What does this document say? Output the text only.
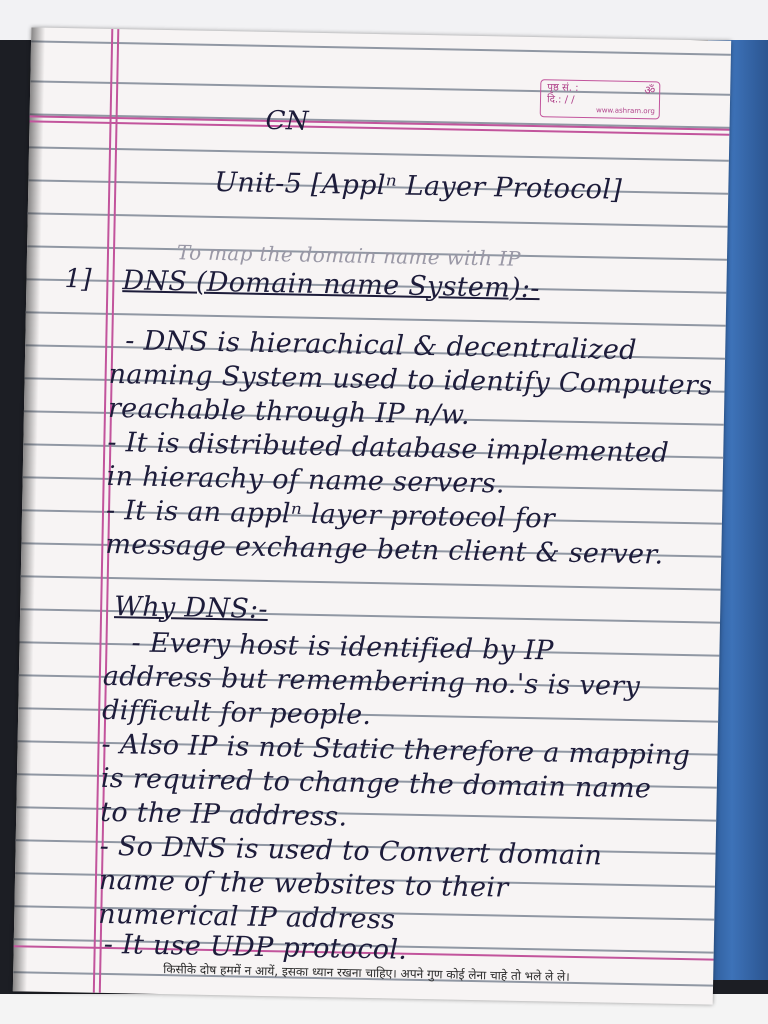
पृष्ठ सं. :
दि.: / /
ॐ
www.ashram.org
CN
Unit-5 [Applⁿ Layer Protocol]
To map the domain name with IP
1] DNS (Domain name System):-
- DNS is hierachical & decentralized
naming System used to identify Computers
reachable through IP n/w.
- It is distributed database implemented
in hierachy of name servers.
- It is an applⁿ layer protocol for
message exchange betn client & server.
Why DNS:-
- Every host is identified by IP
address but remembering no.'s is very
difficult for people.
- Also IP is not Static therefore a mapping
is required to change the domain name
to the IP address.
- So DNS is used to Convert domain
name of the websites to their
numerical IP address
- It use UDP protocol.
किसीके दोष हममें न आयें, इसका ध्यान रखना चाहिए। अपने गुण कोई लेना चाहे तो भले ले ले।
